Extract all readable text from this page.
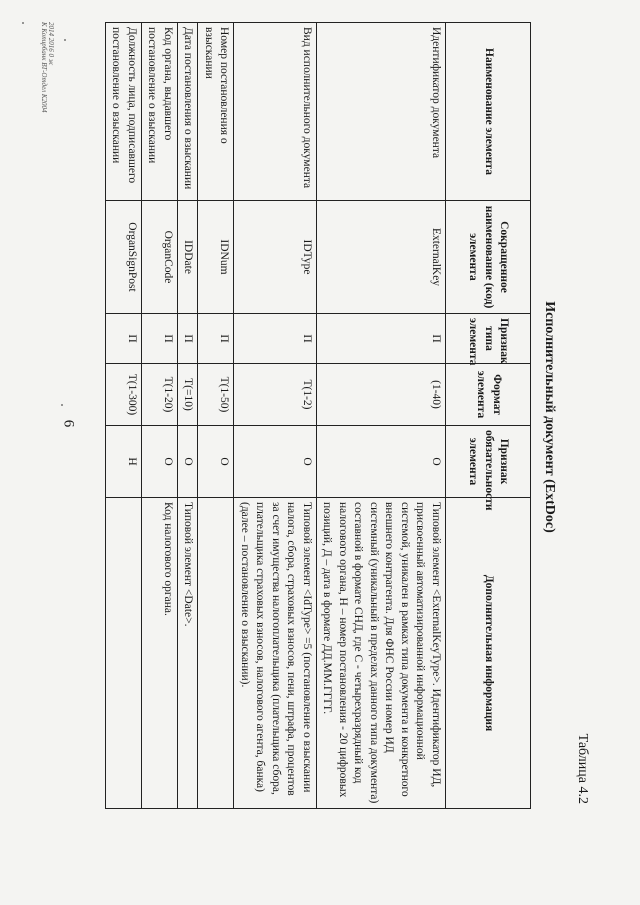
6
Таблица 4.2
Исполнительный документ (ExtDoc)
Наименование элемента	Сокращенное наименование (код) элемента	Признак типа элемента	Формат элемента	Признак обязательности элемента	Дополнительная информация
Идентификатор документа	ExternalKey	П	(1-40)	О	Типовой элемент <ExternalKeyType>. Идентификатор ИД, присвоенный автоматизированной информационной системой, уникален в рамках типа документа и конкретного внешнего контрагента. Для ФНС России номер ИД системный (уникальный в пределах данного типа документа) составной в формате СНД, где С - четырехразрядный код налогового органа, Н – номер постановления - 20 цифровых позиций, Д – дата в формате ДД.ММ.ГГГГ.
Вид исполнительного документа	IDType	П	Т(1-2)	О	Типовой элемент <IdType> =5 (постановление о взыскании налога, сбора, страховых взносов, пени, штрафа, процентов за счет имущества налогоплательщика (плательщика сбора, плательщика страховых взносов, налогового агента, банка) (далее – постановление о взыскании).
Номер постановления о взыскании	IDNum	П	Т(1-50)	О	
Дата постановления о взыскании	IDDate	П	Т(=10)	О	Типовой элемент <Date>.
Код органа, выдавшего постановление о взыскании	OrganCode	П	Т(1-20)	О	Код налогового органа.
Должность лица, подписавшего постановление о взыскании	OrganSignPost	П	Т(1-300)	Н	
2014 2016 0 ж
К Копирбанк ВТ-Отдел К2004
